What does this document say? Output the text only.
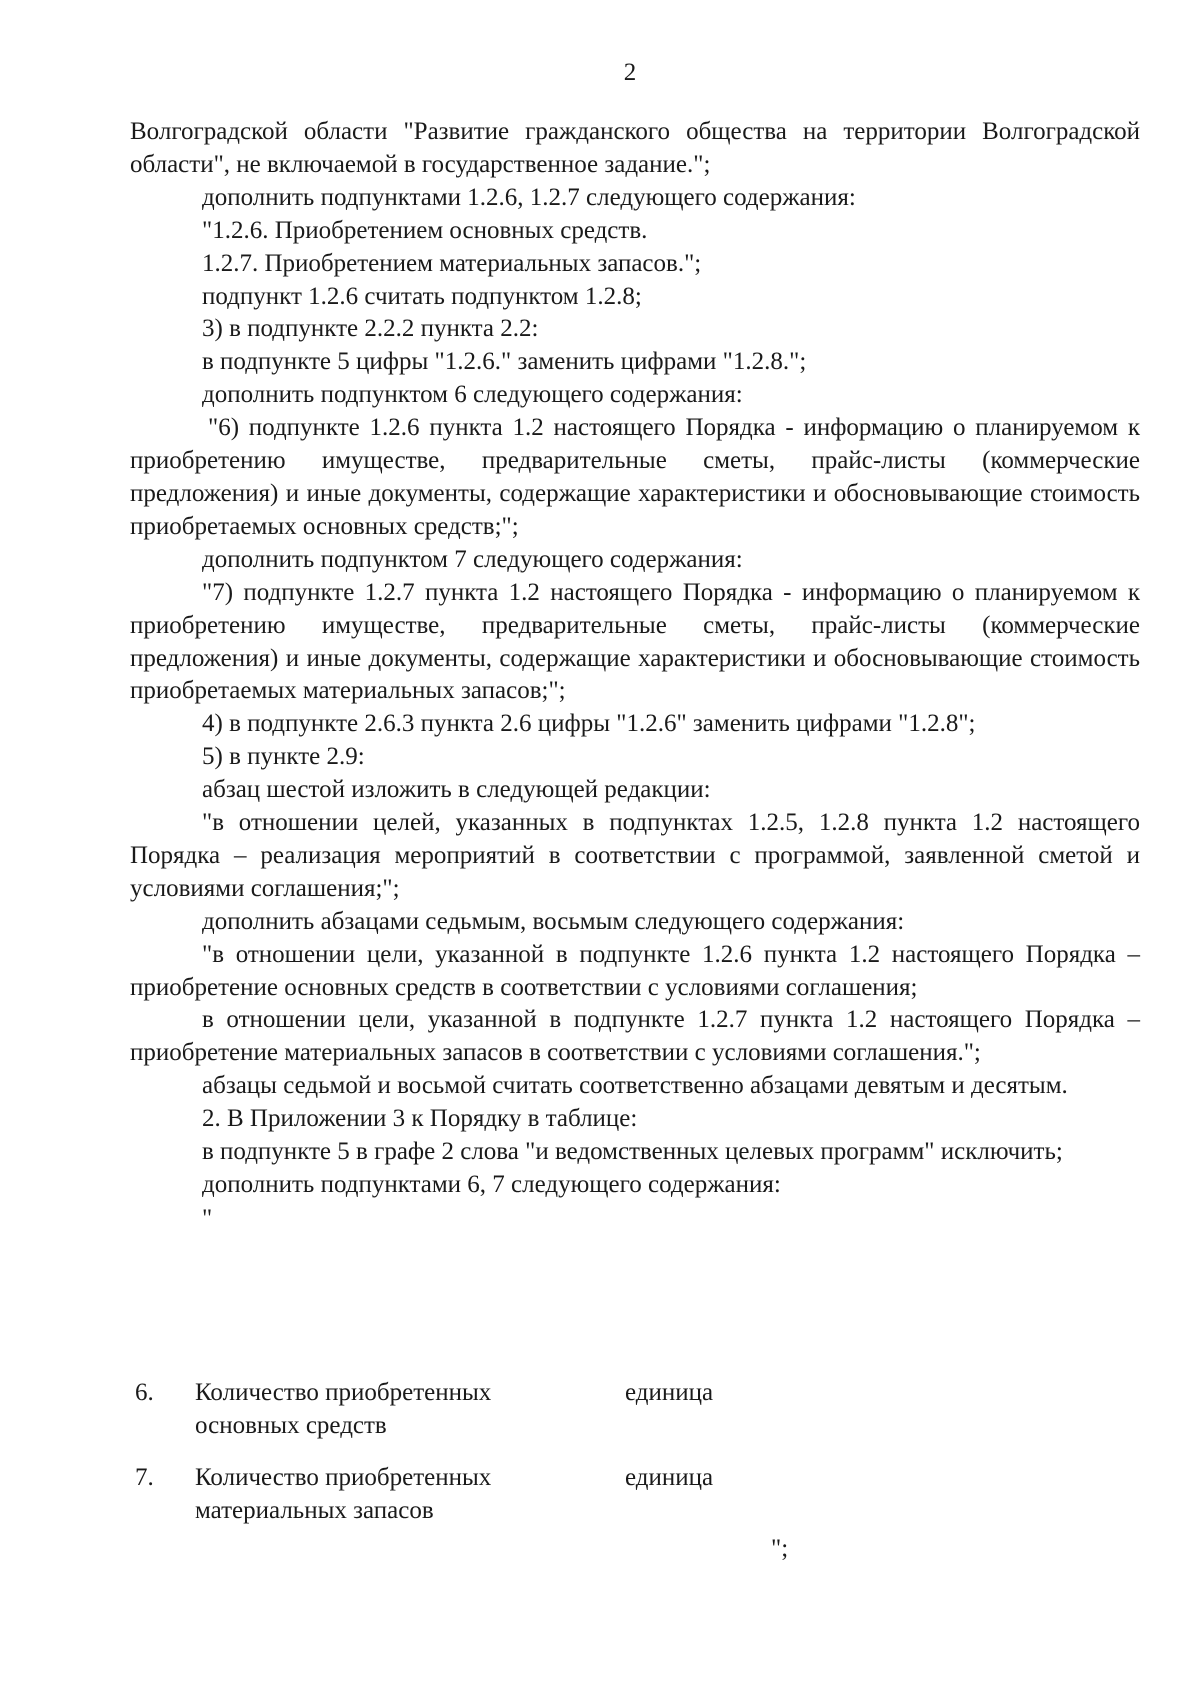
2

Волгоградской области "Развитие гражданского общества на территории Волгоградской области", не включаемой в государственное задание.";

дополнить подпунктами 1.2.6, 1.2.7 следующего содержания:

"1.2.6. Приобретением основных средств.

1.2.7. Приобретением материальных запасов.";

подпункт 1.2.6 считать подпунктом 1.2.8;

3) в подпункте 2.2.2 пункта 2.2:

в подпункте 5 цифры "1.2.6." заменить цифрами "1.2.8.";

дополнить подпунктом 6 следующего содержания:

"6) подпункте 1.2.6 пункта 1.2 настоящего Порядка - информацию о планируемом к приобретению имуществе, предварительные сметы, прайс-листы (коммерческие предложения) и иные документы, содержащие характеристики и обосновывающие стоимость приобретаемых основных средств;";

дополнить подпунктом 7 следующего содержания:

"7) подпункте 1.2.7 пункта 1.2 настоящего Порядка - информацию о планируемом к приобретению имуществе, предварительные сметы, прайс-листы (коммерческие предложения) и иные документы, содержащие характеристики и обосновывающие стоимость приобретаемых материальных запасов;";

4) в подпункте 2.6.3 пункта 2.6 цифры "1.2.6" заменить цифрами "1.2.8";

5) в пункте 2.9:

абзац шестой изложить в следующей редакции:

"в отношении целей, указанных в подпунктах 1.2.5, 1.2.8 пункта 1.2 настоящего Порядка – реализация мероприятий в соответствии с программой, заявленной сметой и условиями соглашения;";

дополнить абзацами седьмым, восьмым следующего содержания:

"в отношении цели, указанной в подпункте 1.2.6 пункта 1.2 настоящего Порядка – приобретение основных средств в соответствии с условиями соглашения;

в отношении цели, указанной в подпункте 1.2.7 пункта 1.2 настоящего Порядка – приобретение материальных запасов в соответствии с условиями соглашения.";

абзацы седьмой и восьмой считать соответственно абзацами девятым и десятым.

2. В Приложении 3 к Порядку в таблице:

в подпункте 5 в графе 2 слова "и ведомственных целевых программ" исключить;

дополнить подпунктами 6, 7 следующего содержания:

"
6.	Количество приобретенных
основных средств
единица
7.	Количество приобретенных
материальных запасов
единица
";
